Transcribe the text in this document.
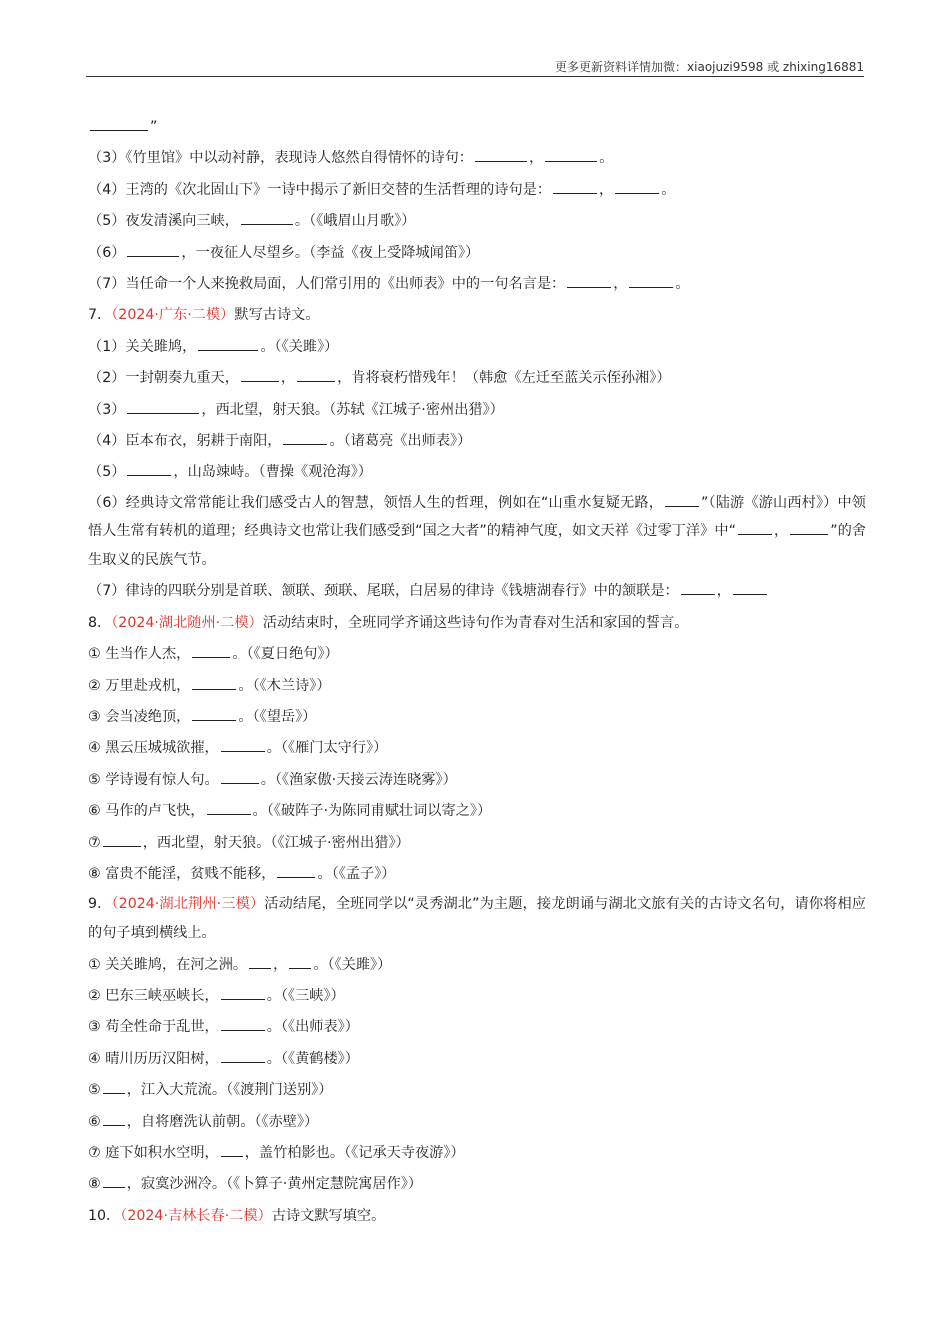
更多更新资料详情加微：xiaojuzi9598 或 zhixing16881
”
（3）《竹里馆》中以动衬静，表现诗人悠然自得情怀的诗句：	，	。
（4）王湾的《次北固山下》一诗中揭示了新旧交替的生活哲理的诗句是：	，	。
（5）夜发清溪向三峡，	。（《峨眉山月歌》）
（6）	，一夜征人尽望乡。（李益《夜上受降城闻笛》）
（7）当任命一个人来挽救局面，人们常引用的《出师表》中的一句名言是：	，	。
7．（2024·广东·二模）默写古诗文。
（1）关关雎鸠，	。（《关雎》）
（2）一封朝奏九重天，	，	，肯将衰朽惜残年！（韩愈《左迁至蓝关示侄孙湘》）
（3）	，西北望，射天狼。（苏轼《江城子·密州出猎》）
（4）臣本布衣，躬耕于南阳，	。（诸葛亮《出师表》）
（5）	，山岛竦峙。（曹操《观沧海》）
（6）经典诗文常常能让我们感受古人的智慧，领悟人生的哲理，例如在“山重水复疑无路，	”（陆游《游山西村》）中领悟人生常有转机的道理；经典诗文也常让我们感受到“国之大者”的精神气度，如文天祥《过零丁洋》中“	，	”的舍生取义的民族气节。
（7）律诗的四联分别是首联、颔联、颈联、尾联，白居易的律诗《钱塘湖春行》中的颔联是：	，
8．（2024·湖北随州·二模）活动结束时，全班同学齐诵这些诗句作为青春对生活和家国的誓言。
① 生当作人杰，	。（《夏日绝句》）
② 万里赴戎机，	。（《木兰诗》）
③ 会当凌绝顶，	。（《望岳》）
④ 黑云压城城欲摧，	。（《雁门太守行》）
⑤ 学诗谩有惊人句。	。（《渔家傲·天接云涛连晓雾》）
⑥ 马作的卢飞快，	。（《破阵子·为陈同甫赋壮词以寄之》）
⑦	，西北望，射天狼。（《江城子·密州出猎》）
⑧ 富贵不能淫，贫贱不能移，	。（《孟子》）
9．（2024·湖北荆州·三模）活动结尾，全班同学以“灵秀湖北”为主题，接龙朗诵与湖北文旅有关的古诗文名句，请你将相应的句子填到横线上。
① 关关雎鸠，在河之洲。 ， 。（《关雎》）
② 巴东三峡巫峡长，	。（《三峡》）
③ 苟全性命于乱世，	。（《出师表》）
④ 晴川历历汉阳树，	。（《黄鹤楼》）
⑤ ，江入大荒流。（《渡荆门送别》）
⑥ ，自将磨洗认前朝。（《赤壁》）
⑦ 庭下如积水空明， ，盖竹柏影也。（《记承天寺夜游》）
⑧ ，寂寞沙洲冷。（《卜算子·黄州定慧院寓居作》）
10．（2024·吉林长春·二模）古诗文默写填空。
